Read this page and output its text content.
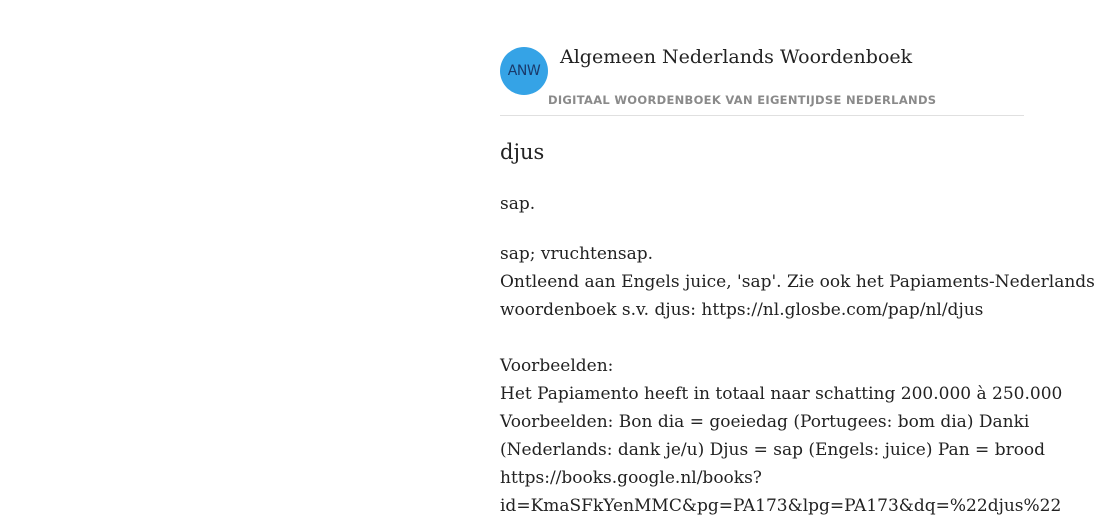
ANW
Algemeen Nederlands Woordenboek
DIGITAAL WOORDENBOEK VAN EIGENTIJDSE NEDERLANDS
djus
sap.
sap; vruchtensap.
Ontleend aan Engels juice, 'sap'. Zie ook het Papiaments-Nederlands
woordenboek s.v. djus: https://nl.glosbe.com/pap/nl/djus
Voorbeelden:
Het Papiamento heeft in totaal naar schatting 200.000 à 250.000
Voorbeelden: Bon dia = goeiedag (Portugees: bom dia) Danki
(Nederlands: dank je/u) Djus = sap (Engels: juice) Pan = brood
https://books.google.nl/books?
id=KmaSFkYenMMC&pg=PA173&lpg=PA173&dq=%22djus%22
